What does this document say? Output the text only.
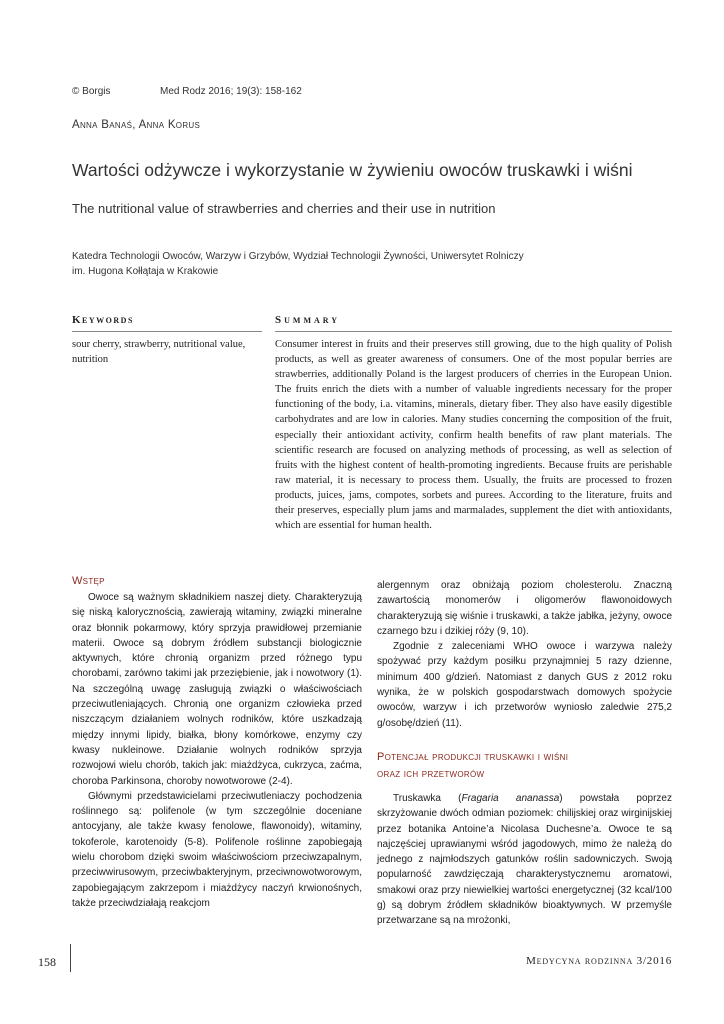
© Borgis	Med Rodz 2016; 19(3): 158-162
Anna Banaś, Anna Korus
Wartości odżywcze i wykorzystanie w żywieniu owoców truskawki i wiśni
The nutritional value of strawberries and cherries and their use in nutrition
Katedra Technologii Owoców, Warzyw i Grzybów, Wydział Technologii Żywności, Uniwersytet Rolniczy
im. Hugona Kołłątaja w Krakowie
Keywords
sour cherry, strawberry, nutritional value, nutrition
Summary
Consumer interest in fruits and their preserves still growing, due to the high quality of Polish products, as well as greater awareness of consumers. One of the most popular berries are strawberries, additionally Poland is the largest producers of cherries in the European Union. The fruits enrich the diets with a number of valuable ingredients necessary for the proper functioning of the body, i.a. vitamins, minerals, dietary fiber. They also have easily digestible carbohydrates and are low in calories. Many studies concerning the composition of the fruit, especially their antioxidant activity, confirm health benefits of raw plant materials. The scientific research are focused on analyzing methods of processing, as well as selection of fruits with the highest content of health-promoting ingredients. Because fruits are perishable raw material, it is necessary to process them. Usually, the fruits are processed to frozen products, juices, jams, compotes, sorbets and purees. According to the literature, fruits and their preserves, especially plum jams and marmalades, supplement the diet with antioxidants, which are essential for human health.
Wstęp

Owoce są ważnym składnikiem naszej diety. Charakteryzują się niską kalorycznością, zawierają witaminy, związki mineralne oraz błonnik pokarmowy, który sprzyja prawidłowej przemianie materii. Owoce są dobrym źródłem substancji biologicznie aktywnych, które chronią organizm przed różnego typu chorobami, zarówno takimi jak przeziębienie, jak i nowotwory (1). Na szczególną uwagę zasługują związki o właściwościach przeciwutleniających. Chronią one organizm człowieka przed niszczącym działaniem wolnych rodników, które uszkadzają między innymi lipidy, białka, błony komórkowe, enzymy czy kwasy nukleinowe. Działanie wolnych rodników sprzyja rozwojowi wielu chorób, takich jak: miażdżyca, cukrzyca, zaćma, choroba Parkinsona, choroby nowotworowe (2-4).

Głównymi przedstawicielami przeciwutleniaczy pochodzenia roślinnego są: polifenole (w tym szczególnie doceniane antocyjany, ale także kwasy fenolowe, flawonoidy), witaminy, tokoferole, karotenoidy (5-8). Polifenole roślinne zapobiegają wielu chorobom dzięki swoim właściwościom przeciwzapalnym, przeciwwirusowym, przeciwbakteryjnym, przeciwnowotworowym, zapobiegającym zakrzepom i miażdżycy naczyń krwionośnych, także przeciwdziałają reakcjom

alergennym oraz obniżają poziom cholesterolu. Znaczną zawartością monomerów i oligomerów flawonoidowych charakteryzują się wiśnie i truskawki, a także jabłka, jeżyny, owoce czarnego bzu i dzikiej róży (9, 10).

Zgodnie z zaleceniami WHO owoce i warzywa należy spożywać przy każdym posiłku przynajmniej 5 razy dzienne, minimum 400 g/dzień. Natomiast z danych GUS z 2012 roku wynika, że w polskich gospodarstwach domowych spożycie owoców, warzyw i ich przetworów wyniosło zaledwie 275,2 g/osobę/dzień (11).

Potencjał produkcji truskawki i wiśni
oraz ich przetworów

Truskawka (Fragaria ananassa) powstała poprzez skrzyżowanie dwóch odmian poziomek: chilijskiej oraz wirginijskiej przez botanika Antoine’a Nicolasa Duchesne’a. Owoce te są najczęściej uprawianymi wśród jagodowych, mimo że należą do jednego z najmłodszych gatunków roślin sadowniczych. Swoją popularność zawdzięczają charakterystycznemu aromatowi, smakowi oraz przy niewielkiej wartości energetycznej (32 kcal/100 g) są dobrym źródłem składników bioaktywnych. W przemyśle przetwarzane są na mrożonki,

158	Medycyna rodzinna 3/2016
